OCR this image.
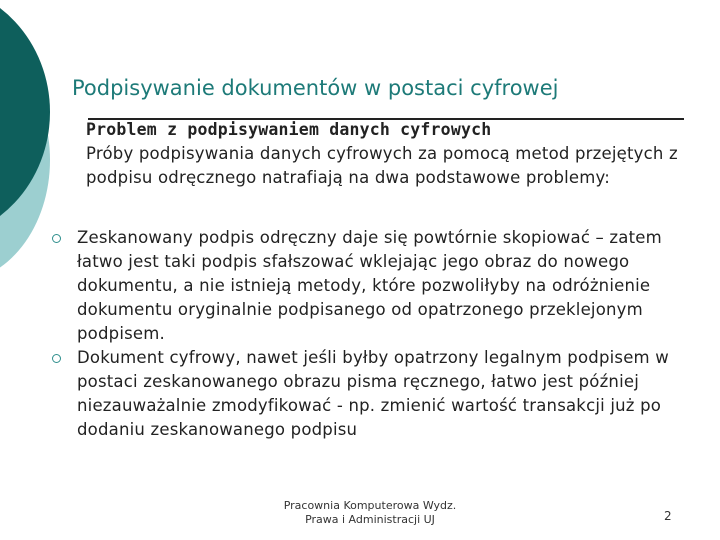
Podpisywanie dokumentów w postaci cyfrowej
Problem z podpisywaniem danych cyfrowych
Próby podpisywania danych cyfrowych za pomocą metod przejętych z podpisu odręcznego natrafiają na dwa podstawowe problemy:
Zeskanowany podpis odręczny daje się powtórnie skopiować – zatem łatwo jest taki podpis sfałszować wklejając jego obraz do nowego dokumentu, a nie istnieją metody, które pozwoliłyby na odróżnienie dokumentu oryginalnie podpisanego od opatrzonego przeklejonym podpisem.
Dokument cyfrowy, nawet jeśli byłby opatrzony legalnym podpisem w postaci zeskanowanego obrazu pisma ręcznego, łatwo jest później niezauważalnie zmodyfikować - np. zmienić wartość transakcji już po dodaniu zeskanowanego podpisu
Pracownia Komputerowa Wydz.
Prawa i Administracji UJ	2
